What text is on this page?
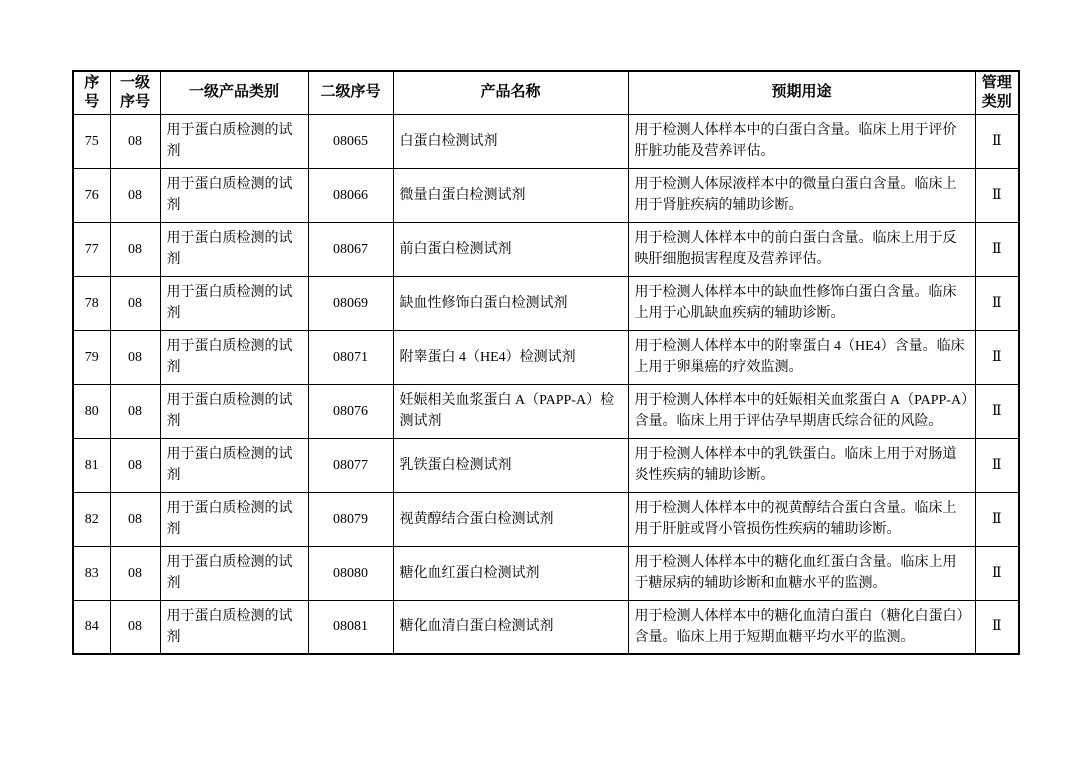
序号	一级序号	一级产品类别	二级序号	产品名称	预期用途	管理类别
75	08	用于蛋白质检测的试剂	08065	白蛋白检测试剂	用于检测人体样本中的白蛋白含量。临床上用于评价肝脏功能及营养评估。	Ⅱ
76	08	用于蛋白质检测的试剂	08066	微量白蛋白检测试剂	用于检测人体尿液样本中的微量白蛋白含量。临床上用于肾脏疾病的辅助诊断。	Ⅱ
77	08	用于蛋白质检测的试剂	08067	前白蛋白检测试剂	用于检测人体样本中的前白蛋白含量。临床上用于反映肝细胞损害程度及营养评估。	Ⅱ
78	08	用于蛋白质检测的试剂	08069	缺血性修饰白蛋白检测试剂	用于检测人体样本中的缺血性修饰白蛋白含量。临床上用于心肌缺血疾病的辅助诊断。	Ⅱ
79	08	用于蛋白质检测的试剂	08071	附睾蛋白 4（HE4）检测试剂	用于检测人体样本中的附睾蛋白 4（HE4）含量。临床上用于卵巢癌的疗效监测。	Ⅱ
80	08	用于蛋白质检测的试剂	08076	妊娠相关血浆蛋白 A（PAPP-A）检测试剂	用于检测人体样本中的妊娠相关血浆蛋白 A（PAPP-A）含量。临床上用于评估孕早期唐氏综合征的风险。	Ⅱ
81	08	用于蛋白质检测的试剂	08077	乳铁蛋白检测试剂	用于检测人体样本中的乳铁蛋白。临床上用于对肠道炎性疾病的辅助诊断。	Ⅱ
82	08	用于蛋白质检测的试剂	08079	视黄醇结合蛋白检测试剂	用于检测人体样本中的视黄醇结合蛋白含量。临床上用于肝脏或肾小管损伤性疾病的辅助诊断。	Ⅱ
83	08	用于蛋白质检测的试剂	08080	糖化血红蛋白检测试剂	用于检测人体样本中的糖化血红蛋白含量。临床上用于糖尿病的辅助诊断和血糖水平的监测。	Ⅱ
84	08	用于蛋白质检测的试剂	08081	糖化血清白蛋白检测试剂	用于检测人体样本中的糖化血清白蛋白（糖化白蛋白）含量。临床上用于短期血糖平均水平的监测。	Ⅱ
